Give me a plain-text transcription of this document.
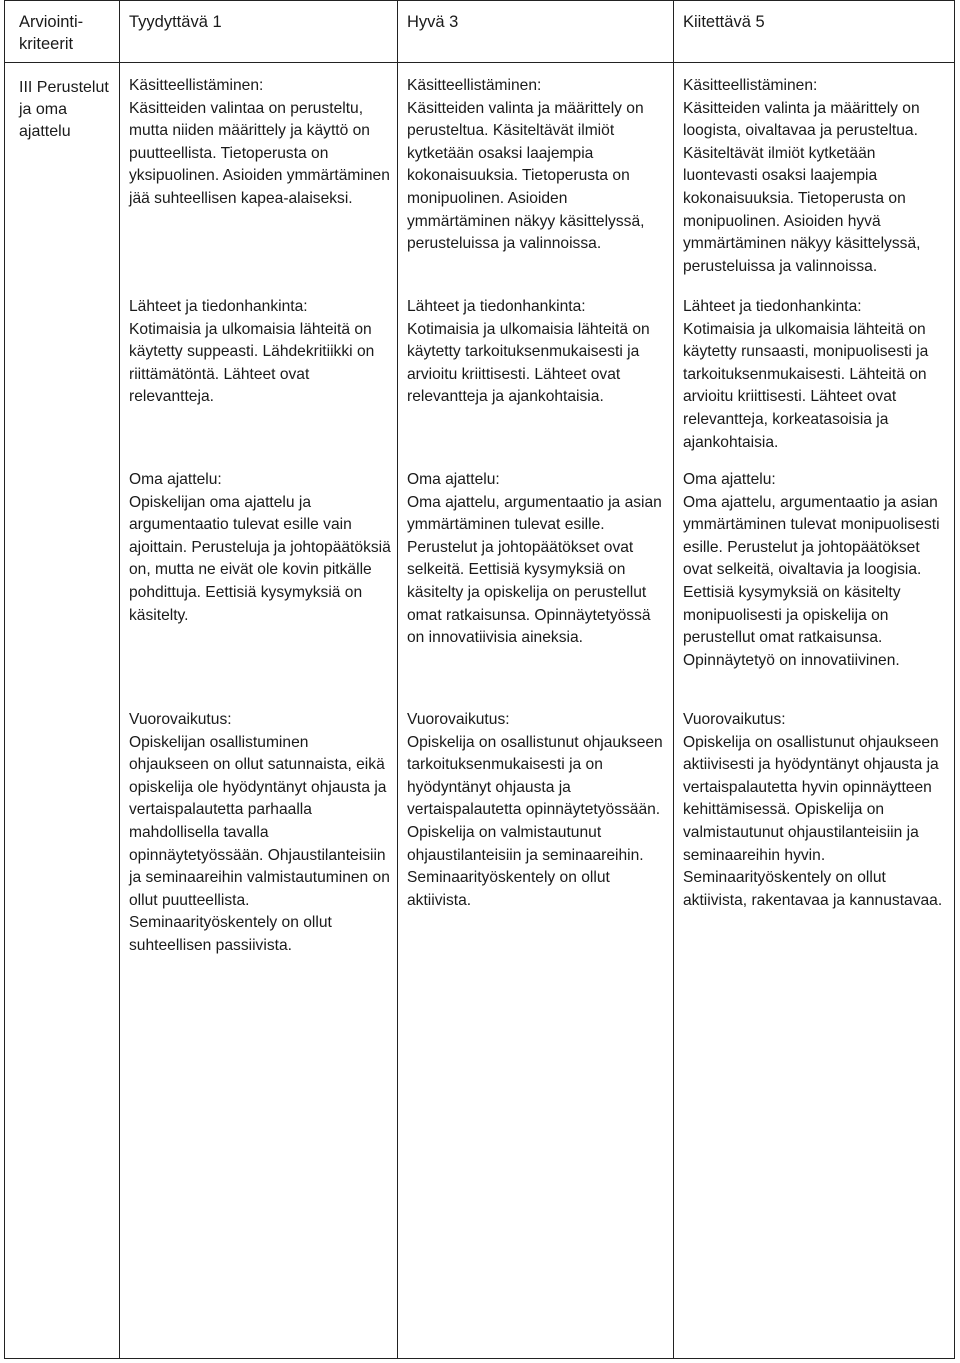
Arviointi-
kriteerit
Tyydyttävä 1	Hyvä 3	Kiitettävä 5
III Perustelut ja oma ajattelu
Käsitteellistäminen:
Käsitteiden valintaa on perusteltu, mutta niiden määrittely ja käyttö on puutteellista. Tietoperusta on yksipuolinen. Asioiden ymmärtäminen jää suhteellisen kapea-alaiseksi.
Lähteet ja tiedonhankinta:
Kotimaisia ja ulkomaisia lähteitä on käytetty suppeasti. Lähdekritiikki on riittämätöntä. Lähteet ovat relevantteja.
Oma ajattelu:
Opiskelijan oma ajattelu ja argumentaatio tulevat esille vain ajoittain. Perusteluja ja johtopäätöksiä on, mutta ne eivät ole kovin pitkälle pohdittuja. Eettisiä kysymyksiä on käsitelty.
Vuorovaikutus:
Opiskelijan osallistuminen ohjaukseen on ollut satunnaista, eikä opiskelija ole hyödyntänyt ohjausta ja vertaispalautetta parhaalla mahdollisella tavalla opinnäytetyössään. Ohjaustilanteisiin ja seminaareihin valmistautuminen on ollut puutteellista. Seminaarityöskentely on ollut suhteellisen passiivista.
Käsitteellistäminen:
Käsitteiden valinta ja määrittely on perusteltua. Käsiteltävät ilmiöt kytketään osaksi laajempia kokonaisuuksia. Tietoperusta on monipuolinen. Asioiden ymmärtäminen näkyy käsittelyssä, perusteluissa ja valinnoissa.
Lähteet ja tiedonhankinta:
Kotimaisia ja ulkomaisia lähteitä on käytetty tarkoituksenmukaisesti ja arvioitu kriittisesti. Lähteet ovat relevantteja ja ajankohtaisia.
Oma ajattelu:
Oma ajattelu, argumentaatio ja asian ymmärtäminen tulevat esille. Perustelut ja johtopäätökset ovat selkeitä. Eettisiä kysymyksiä on käsitelty ja opiskelija on perustellut omat ratkaisunsa. Opinnäytetyössä on innovatiivisia aineksia.
Vuorovaikutus:
Opiskelija on osallistunut ohjaukseen tarkoituksenmukaisesti ja on hyödyntänyt ohjausta ja vertaispalautetta opinnäytetyössään. Opiskelija on valmistautunut ohjaustilanteisiin ja seminaareihin. Seminaarityöskentely on ollut aktiivista.
Käsitteellistäminen:
Käsitteiden valinta ja määrittely on loogista, oivaltavaa ja perusteltua. Käsiteltävät ilmiöt kytketään luontevasti osaksi laajempia kokonaisuuksia. Tietoperusta on monipuolinen. Asioiden hyvä ymmärtäminen näkyy käsittelyssä, perusteluissa ja valinnoissa.
Lähteet ja tiedonhankinta:
Kotimaisia ja ulkomaisia lähteitä on käytetty runsaasti, monipuolisesti ja tarkoituksenmukaisesti. Lähteitä on arvioitu kriittisesti. Lähteet ovat relevantteja, korkeatasoisia ja ajankohtaisia.
Oma ajattelu:
Oma ajattelu, argumentaatio ja asian ymmärtäminen tulevat monipuolisesti esille. Perustelut ja johtopäätökset ovat selkeitä, oivaltavia ja loogisia. Eettisiä kysymyksiä on käsitelty monipuolisesti ja opiskelija on perustellut omat ratkaisunsa. Opinnäytetyö on innovatiivinen.
Vuorovaikutus:
Opiskelija on osallistunut ohjaukseen aktiivisesti ja hyödyntänyt ohjausta ja vertaispalautetta hyvin opinnäytteen kehittämisessä. Opiskelija on valmistautunut ohjaustilanteisiin ja seminaareihin hyvin. Seminaarityöskentely on ollut aktiivista, rakentavaa ja kannustavaa.
